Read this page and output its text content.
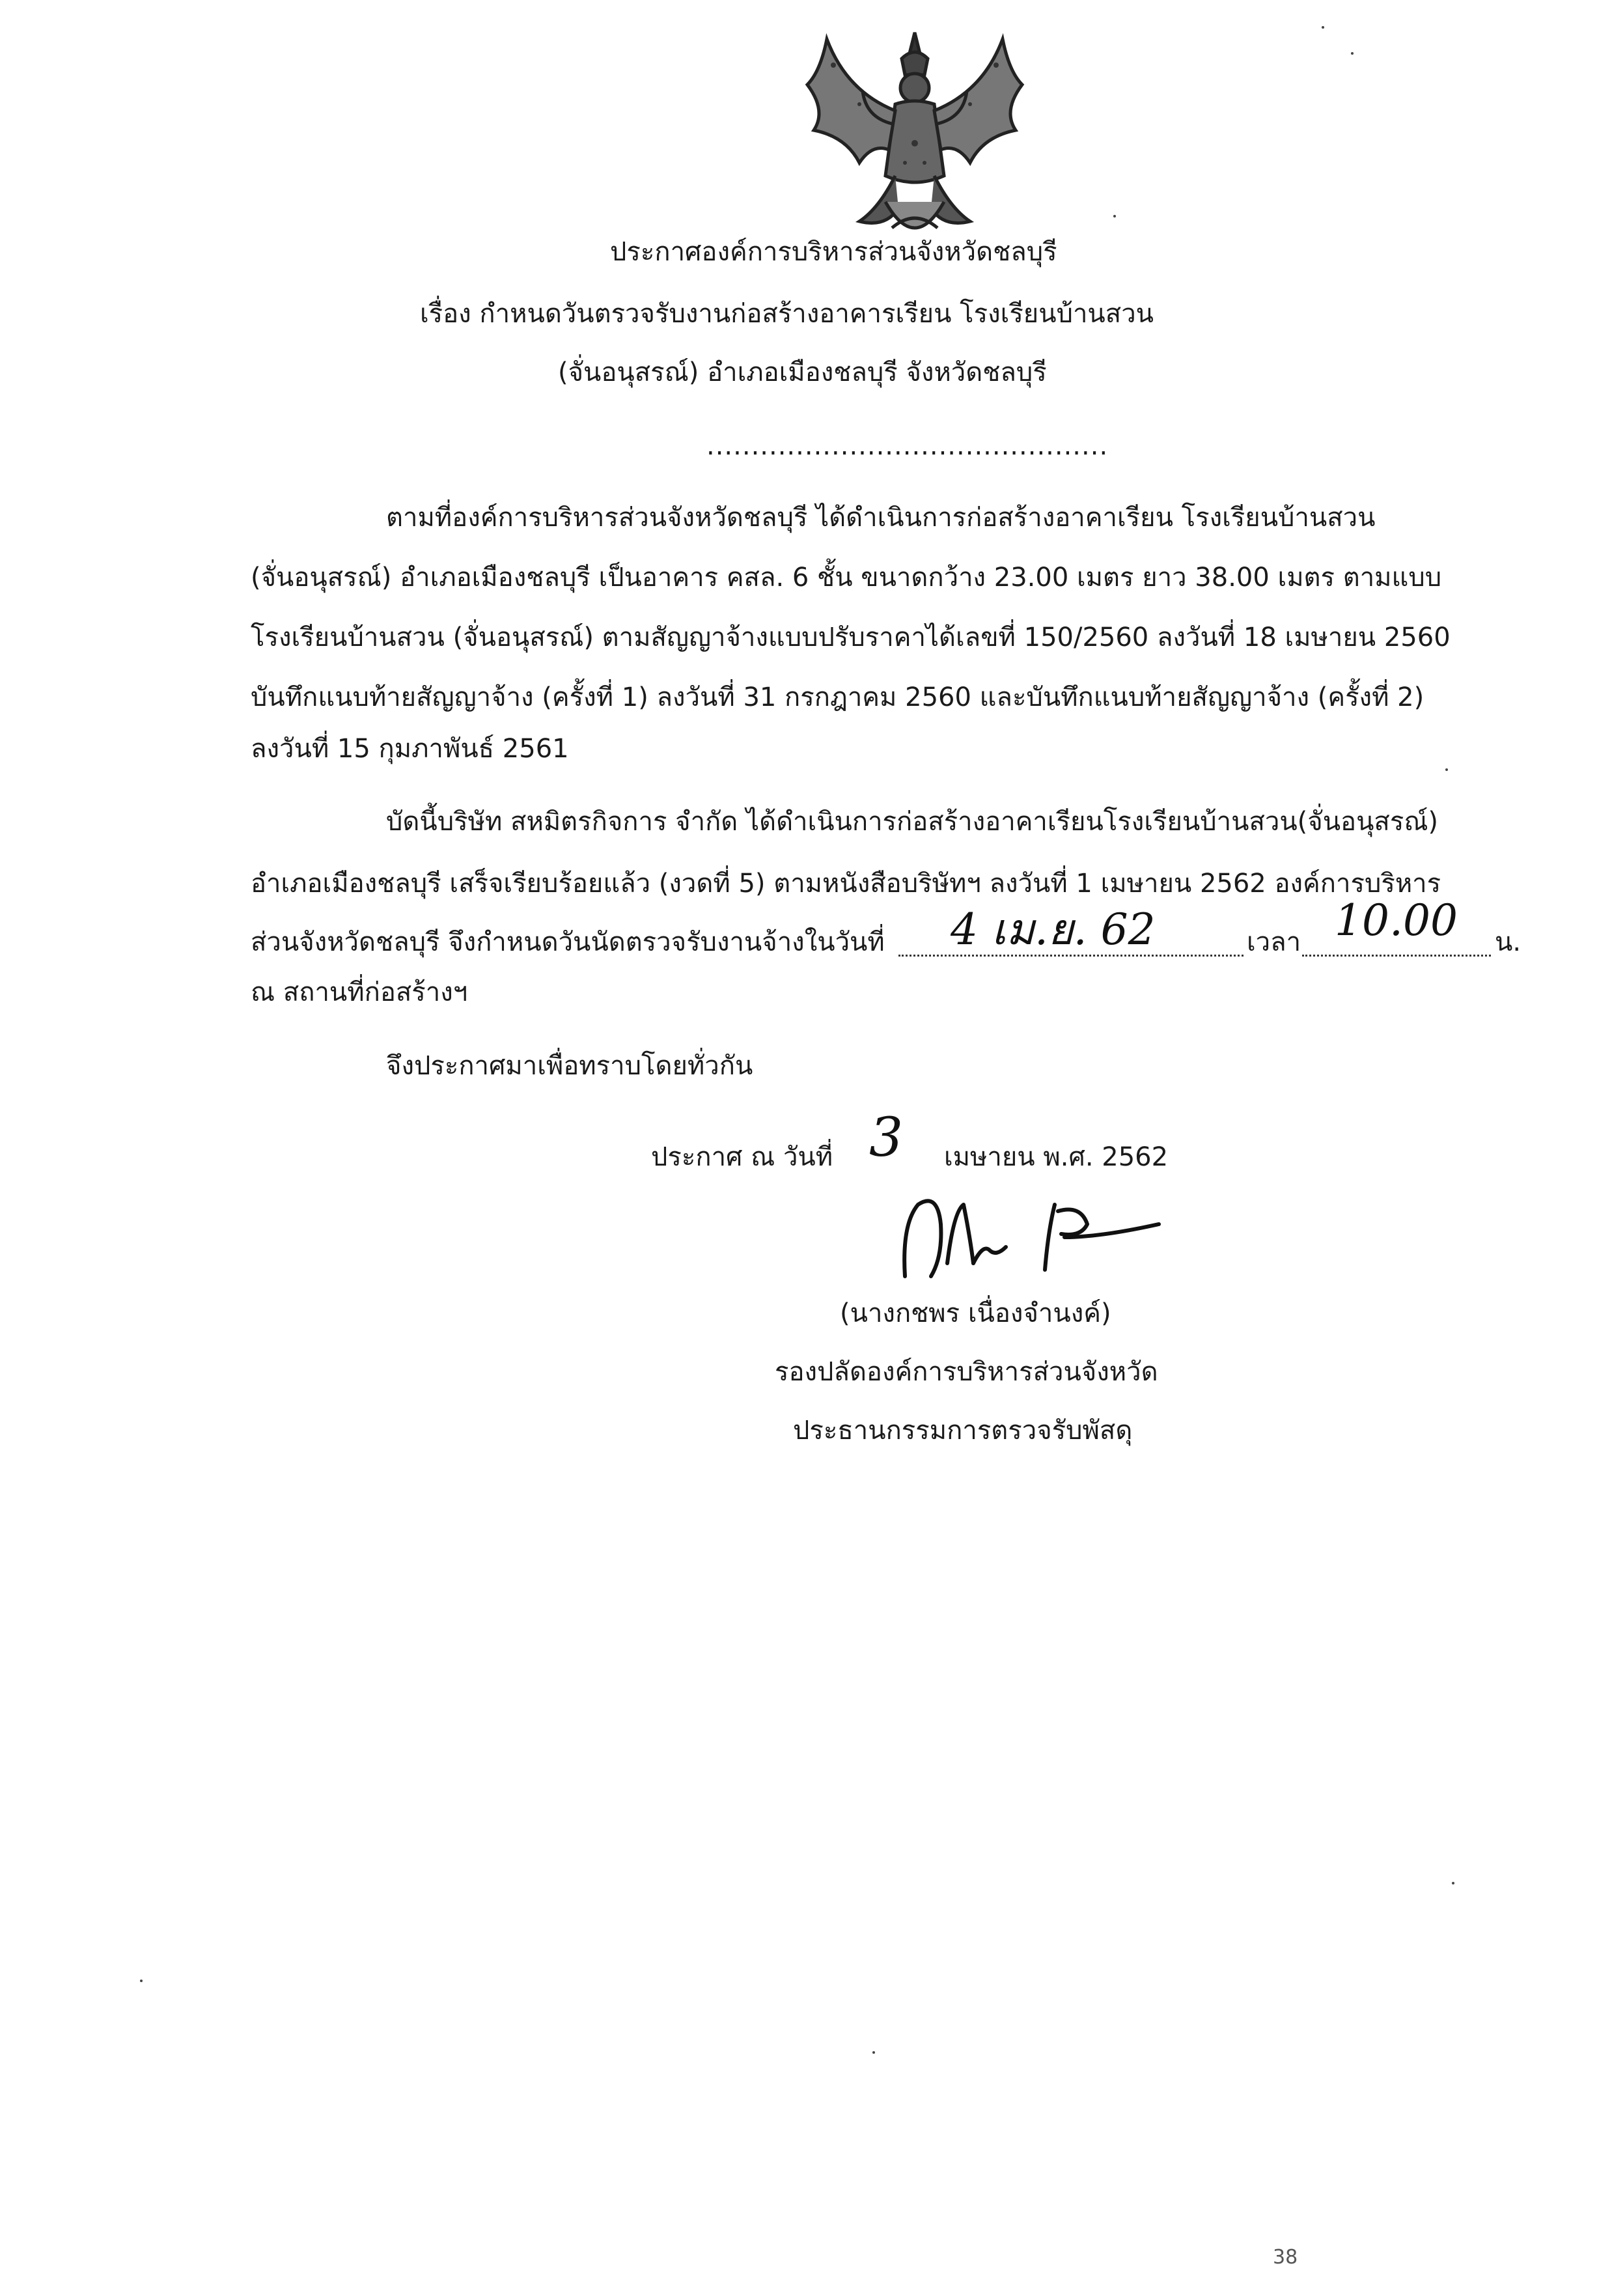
ประกาศองค์การบริหารส่วนจังหวัดชลบุรี
เรื่อง กำหนดวันตรวจรับงานก่อสร้างอาคารเรียน โรงเรียนบ้านสวน
(จั่นอนุสรณ์) อำเภอเมืองชลบุรี จังหวัดชลบุรี
.............................................
ตามที่องค์การบริหารส่วนจังหวัดชลบุรี ได้ดำเนินการก่อสร้างอาคาเรียน โรงเรียนบ้านสวน
(จั่นอนุสรณ์) อำเภอเมืองชลบุรี เป็นอาคาร คสล. 6 ชั้น ขนาดกว้าง 23.00 เมตร ยาว 38.00 เมตร ตามแบบ
โรงเรียนบ้านสวน (จั่นอนุสรณ์) ตามสัญญาจ้างแบบปรับราคาได้เลขที่ 150/2560 ลงวันที่ 18 เมษายน 2560
บันทึกแนบท้ายสัญญาจ้าง (ครั้งที่ 1) ลงวันที่ 31 กรกฎาคม 2560 และบันทึกแนบท้ายสัญญาจ้าง (ครั้งที่ 2)
ลงวันที่ 15 กุมภาพันธ์ 2561
บัดนี้บริษัท สหมิตรกิจการ จำกัด ได้ดำเนินการก่อสร้างอาคาเรียนโรงเรียนบ้านสวน(จั่นอนุสรณ์)
อำเภอเมืองชลบุรี เสร็จเรียบร้อยแล้ว (งวดที่ 5) ตามหนังสือบริษัทฯ ลงวันที่ 1 เมษายน 2562 องค์การบริหาร
ส่วนจังหวัดชลบุรี จึงกำหนดวันนัดตรวจรับงานจ้างในวันที่ 4 เม.ย. 62	เวลา 10.00 น.
ณ สถานที่ก่อสร้างฯ
จึงประกาศมาเพื่อทราบโดยทั่วกัน
ประกาศ ณ วันที่ 3 เมษายน พ.ศ. 2562
(นางกชพร เนื่องจำนงค์)
รองปลัดองค์การบริหารส่วนจังหวัด
ประธานกรรมการตรวจรับพัสดุ
38
